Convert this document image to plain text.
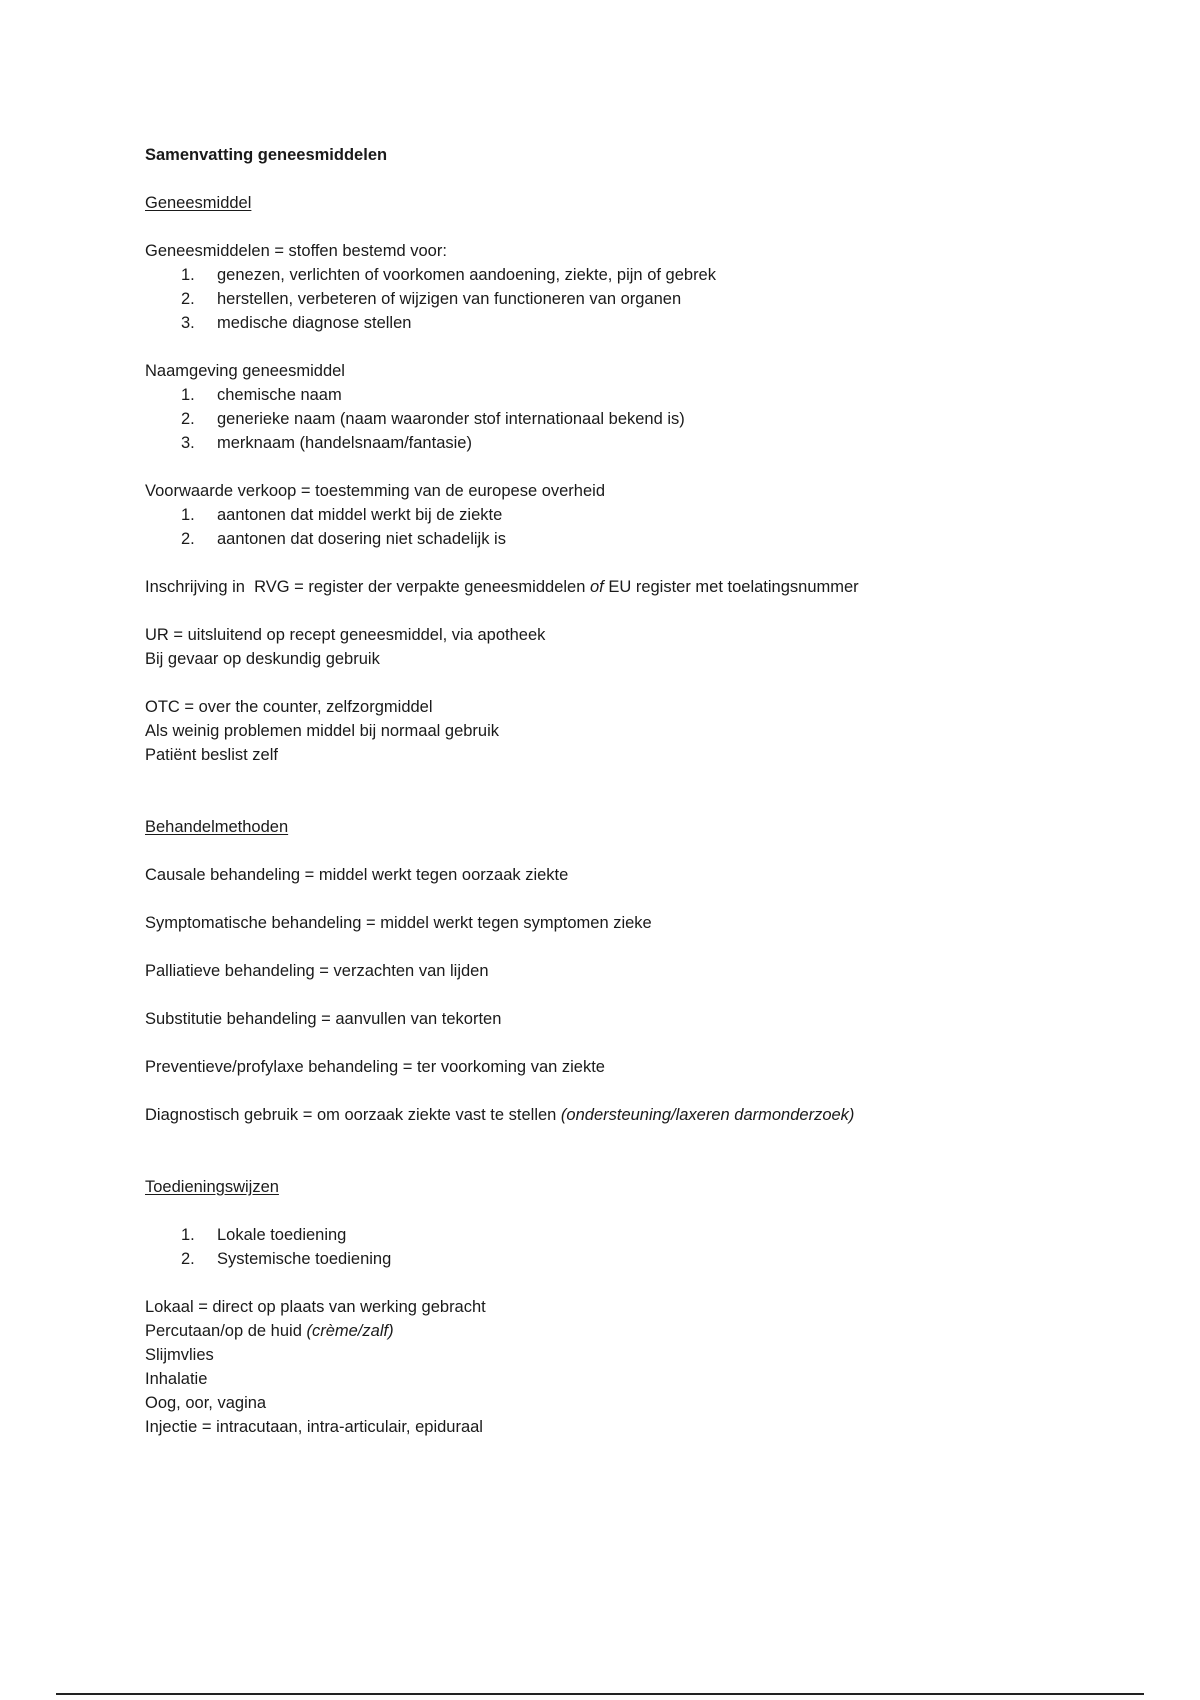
Samenvatting geneesmiddelen

Geneesmiddel

Geneesmiddelen = stoffen bestemd voor:

1.	genezen, verlichten of voorkomen aandoening, ziekte, pijn of gebrek
2.	herstellen, verbeteren of wijzigen van functioneren van organen
3.	medische diagnose stellen

Naamgeving geneesmiddel

1.	chemische naam
2.	generieke naam (naam waaronder stof internationaal bekend is)
3.	merknaam (handelsnaam/fantasie)

Voorwaarde verkoop = toestemming van de europese overheid

1.	aantonen dat middel werkt bij de ziekte
2.	aantonen dat dosering niet schadelijk is

Inschrijving in  RVG = register der verpakte geneesmiddelen of EU register met toelatingsnummer

UR = uitsluitend op recept geneesmiddel, via apotheek

Bij gevaar op deskundig gebruik

OTC = over the counter, zelfzorgmiddel

Als weinig problemen middel bij normaal gebruik

Patiënt beslist zelf

Behandelmethoden

Causale behandeling = middel werkt tegen oorzaak ziekte

Symptomatische behandeling = middel werkt tegen symptomen zieke

Palliatieve behandeling = verzachten van lijden

Substitutie behandeling = aanvullen van tekorten

Preventieve/profylaxe behandeling = ter voorkoming van ziekte

Diagnostisch gebruik = om oorzaak ziekte vast te stellen (ondersteuning/laxeren darmonderzoek)

Toedieningswijzen

1.	Lokale toediening
2.	Systemische toediening

Lokaal = direct op plaats van werking gebracht

Percutaan/op de huid (crème/zalf)

Slijmvlies

Inhalatie

Oog, oor, vagina

Injectie = intracutaan, intra-articulair, epiduraal
